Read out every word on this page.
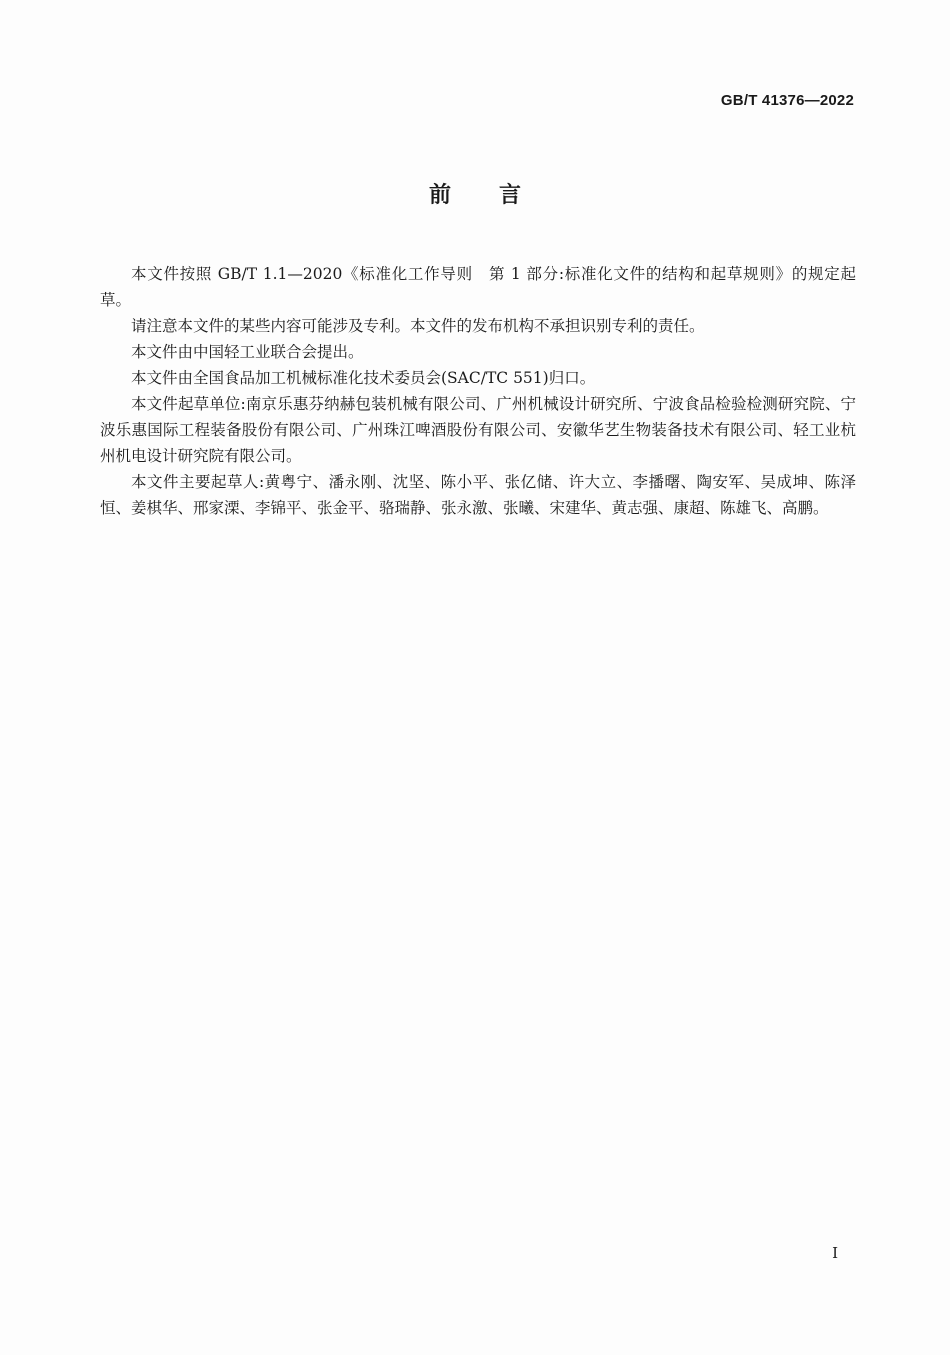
GB/T 41376—2022
前言

本文件按照 GB/T 1.1—2020《标准化工作导则　第 1 部分:标准化文件的结构和起草规则》的规定起草。

请注意本文件的某些内容可能涉及专利。本文件的发布机构不承担识别专利的责任。

本文件由中国轻工业联合会提出。

本文件由全国食品加工机械标准化技术委员会(SAC/TC 551)归口。

本文件起草单位:南京乐惠芬纳赫包装机械有限公司、广州机械设计研究所、宁波食品检验检测研究院、宁波乐惠国际工程装备股份有限公司、广州珠江啤酒股份有限公司、安徽华艺生物装备技术有限公司、轻工业杭州机电设计研究院有限公司。

本文件主要起草人:黄粤宁、潘永刚、沈坚、陈小平、张亿储、许大立、李播曙、陶安军、吴成坤、陈泽恒、姜棋华、邢家溧、李锦平、张金平、骆瑞静、张永激、张曦、宋建华、黄志强、康超、陈雄飞、高鹏。

I
